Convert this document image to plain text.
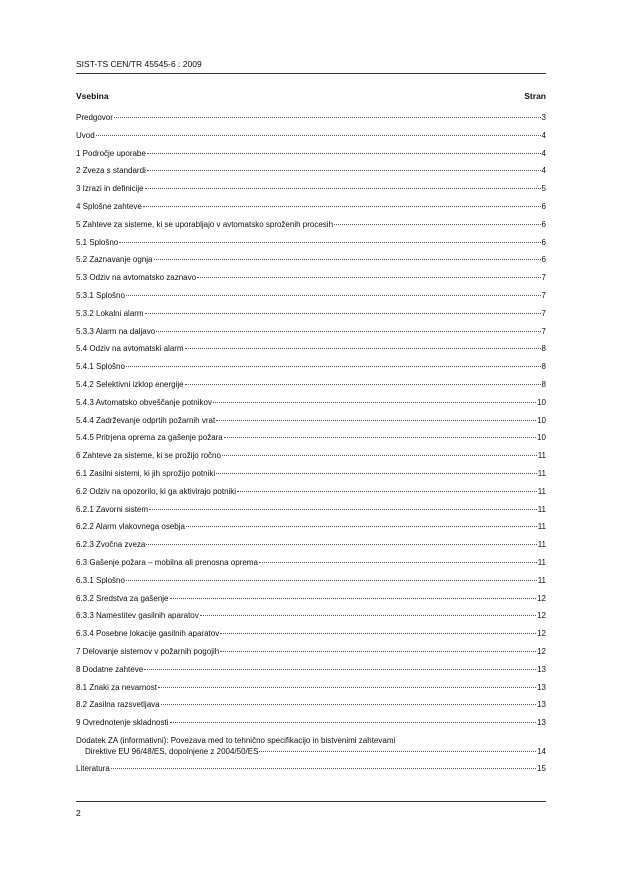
SIST-TS CEN/TR 45545-6 : 2009
Vsebina	Stran
Predgovor	3
Uvod	4
1 Področje uporabe	4
2 Zveza s standardi	4
3 Izrazi in definicije	5
4 Splošne zahteve	6
5 Zahteve za sisteme, ki se uporabljajo v avtomatsko sproženih procesih	6
5.1 Splošno	6
5.2 Zaznavanje ognja	6
5.3 Odziv na avtomatsko zaznavo	7
5.3.1 Splošno	7
5.3.2 Lokalni alarm	7
5.3.3 Alarm na daljavo	7
5.4 Odziv na avtomatski alarm	8
5.4.1 Splošno	8
5.4.2 Selektivni izklop energije	8
5.4.3 Avtomatsko obveščanje potnikov	10
5.4.4 Zadrževanje odprtih požarnih vrat	10
5.4.5 Pritrjena oprema za gašenje požara	10
6 Zahteve za sisteme, ki se prožijo ročno	11
6.1 Zasilni sistemi, ki jih sprožijo potniki	11
6.2 Odziv na opozorilo, ki ga aktivirajo potniki	11
6.2.1 Zavorni sistem	11
6.2.2 Alarm vlakovnega osebja	11
6.2.3 Zvočna zveza	11
6.3 Gašenje požara – mobilna ali prenosna oprema	11
6.3.1 Splošno	11
6.3.2 Sredstva za gašenje	12
6.3.3 Namestitev gasilnih aparatov	12
6.3.4 Posebne lokacije gasilnih aparatov	12
7 Delovanje sistemov v požarnih pogojih	12
8 Dodatne zahteve	13
8.1 Znaki za nevarnost	13
8.2 Zasilna razsvetljava	13
9 Ovrednotenje skladnosti	13
Dodatek ZA (informativni): Povezava med to tehnično specifikacijo in bistvenimi zahtevami
Direktive EU 96/48/ES, dopolnjene z 2004/50/ES	14
Literatura	15
2
